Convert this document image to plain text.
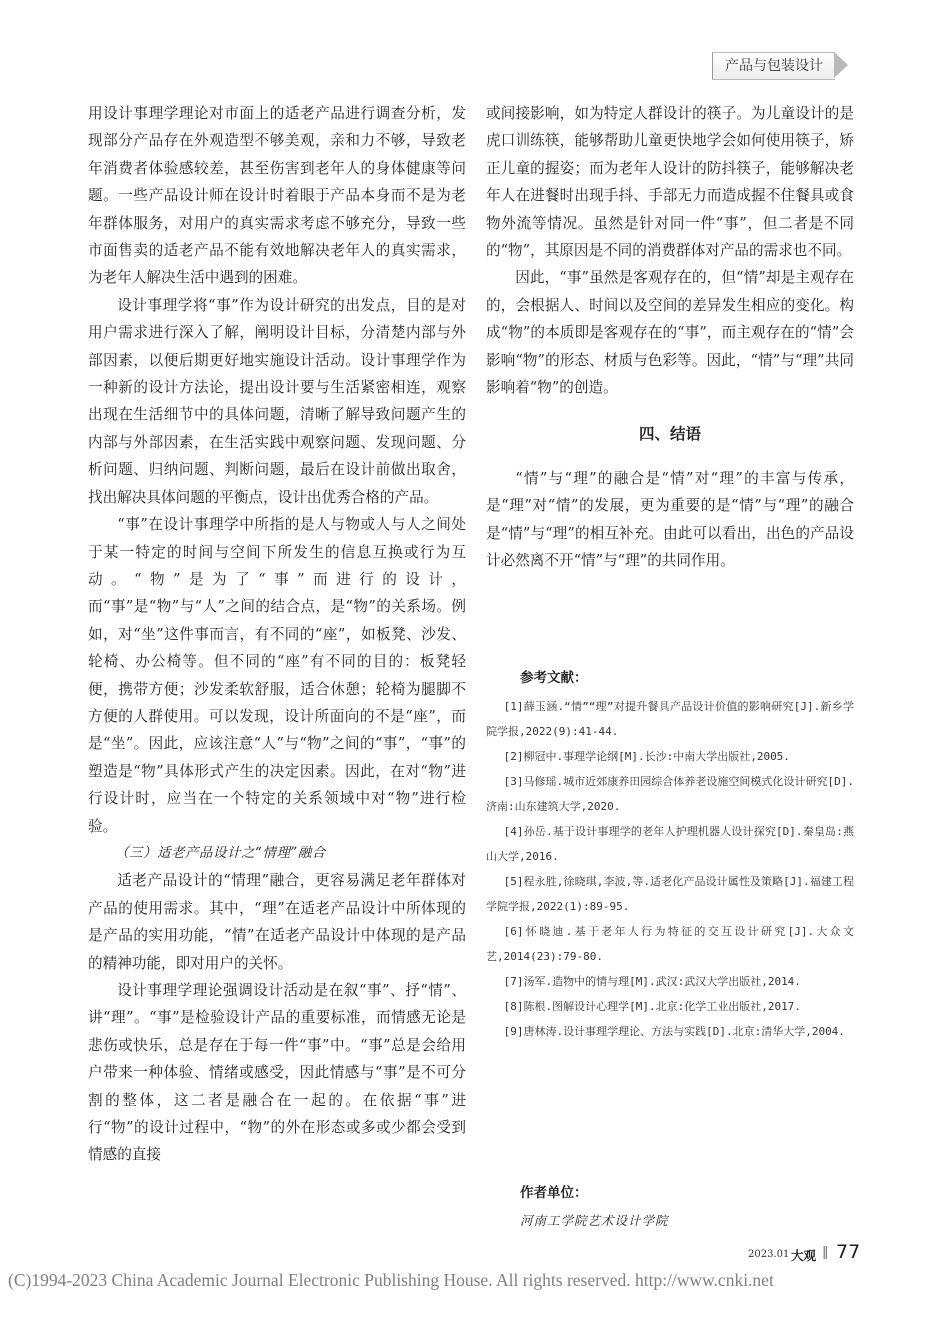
产品与包装设计

用设计事理学理论对市面上的适老产品进行调查分析，发现部分产品存在外观造型不够美观，亲和力不够，导致老年消费者体验感较差，甚至伤害到老年人的身体健康等问题。一些产品设计师在设计时着眼于产品本身而不是为老年群体服务，对用户的真实需求考虑不够充分，导致一些市面售卖的适老产品不能有效地解决老年人的真实需求，为老年人解决生活中遇到的困难。

设计事理学将“事”作为设计研究的出发点，目的是对用户需求进行深入了解，阐明设计目标，分清楚内部与外部因素，以便后期更好地实施设计活动。设计事理学作为一种新的设计方法论，提出设计要与生活紧密相连，观察出现在生活细节中的具体问题，清晰了解导致问题产生的内部与外部因素，在生活实践中观察问题、发现问题、分析问题、归纳问题、判断问题，最后在设计前做出取舍，找出解决具体问题的平衡点，设计出优秀合格的产品。

“事”在设计事理学中所指的是人与物或人与人之间处于某一特定的时间与空间下所发生的信息互换或行为互动。“物”是为了“事”而进行的设计，而“事”是“物”与“人”之间的结合点，是“物”的关系场。例如，对“坐”这件事而言，有不同的“座”，如板凳、沙发、轮椅、办公椅等。但不同的“座”有不同的目的：板凳轻便，携带方便；沙发柔软舒服，适合休憩；轮椅为腿脚不方便的人群使用。可以发现，设计所面向的不是“座”，而是“坐”。因此，应该注意“人”与“物”之间的“事”，“事”的塑造是“物”具体形式产生的决定因素。因此，在对“物”进行设计时，应当在一个特定的关系领域中对“物”进行检验。

（三）适老产品设计之“情理”融合

适老产品设计的“情理”融合，更容易满足老年群体对产品的使用需求。其中，“理”在适老产品设计中所体现的是产品的实用功能，“情”在适老产品设计中体现的是产品的精神功能，即对用户的关怀。

设计事理学理论强调设计活动是在叙“事”、抒“情”、讲“理”。“事”是检验设计产品的重要标准，而情感无论是悲伤或快乐，总是存在于每一件“事”中。“事”总是会给用户带来一种体验、情绪或感受，因此情感与“事”是不可分割的整体，这二者是融合在一起的。在依据“事”进行“物”的设计过程中，“物”的外在形态或多或少都会受到情感的直接

或间接影响，如为特定人群设计的筷子。为儿童设计的是虎口训练筷，能够帮助儿童更快地学会如何使用筷子，矫正儿童的握姿；而为老年人设计的防抖筷子，能够解决老年人在进餐时出现手抖、手部无力而造成握不住餐具或食物外流等情况。虽然是针对同一件“事”，但二者是不同的“物”，其原因是不同的消费群体对产品的需求也不同。

因此，“事”虽然是客观存在的，但“情”却是主观存在的，会根据人、时间以及空间的差异发生相应的变化。构成“物”的本质即是客观存在的“事”，而主观存在的“情”会影响“物”的形态、材质与色彩等。因此，“情”与“理”共同影响着“物”的创造。

四、结语

“情”与“理”的融合是“情”对“理”的丰富与传承，是“理”对“情”的发展，更为重要的是“情”与“理”的融合是“情”与“理”的相互补充。由此可以看出，出色的产品设计必然离不开“情”与“理”的共同作用。

参考文献：
[1]薛玉涵.“情”“理”对提升餐具产品设计价值的影响研究[J].新乡学院学报,2022(9):41-44.
[2]柳冠中.事理学论纲[M].长沙:中南大学出版社,2005.
[3]马修瑶.城市近郊康养田园综合体养老设施空间模式化设计研究[D].济南:山东建筑大学,2020.
[4]孙岳.基于设计事理学的老年人护理机器人设计探究[D].秦皇岛:燕山大学,2016.
[5]程永胜,徐晓琪,李波,等.适老化产品设计属性及策略[J].福建工程学院学报,2022(1):89-95.
[6]怀晓迪.基于老年人行为特征的交互设计研究[J].大众文艺,2014(23):79-80.
[7]汤军.造物中的情与理[M].武汉:武汉大学出版社,2014.
[8]陈根.图解设计心理学[M].北京:化学工业出版社,2017.
[9]唐林涛.设计事理学理论、方法与实践[D].北京:清华大学,2004.
作者单位：
河南工学院艺术设计学院
2023.01 大观 ‖ 77
(C)1994-2023 China Academic Journal Electronic Publishing House. All rights reserved. http://www.cnki.net
